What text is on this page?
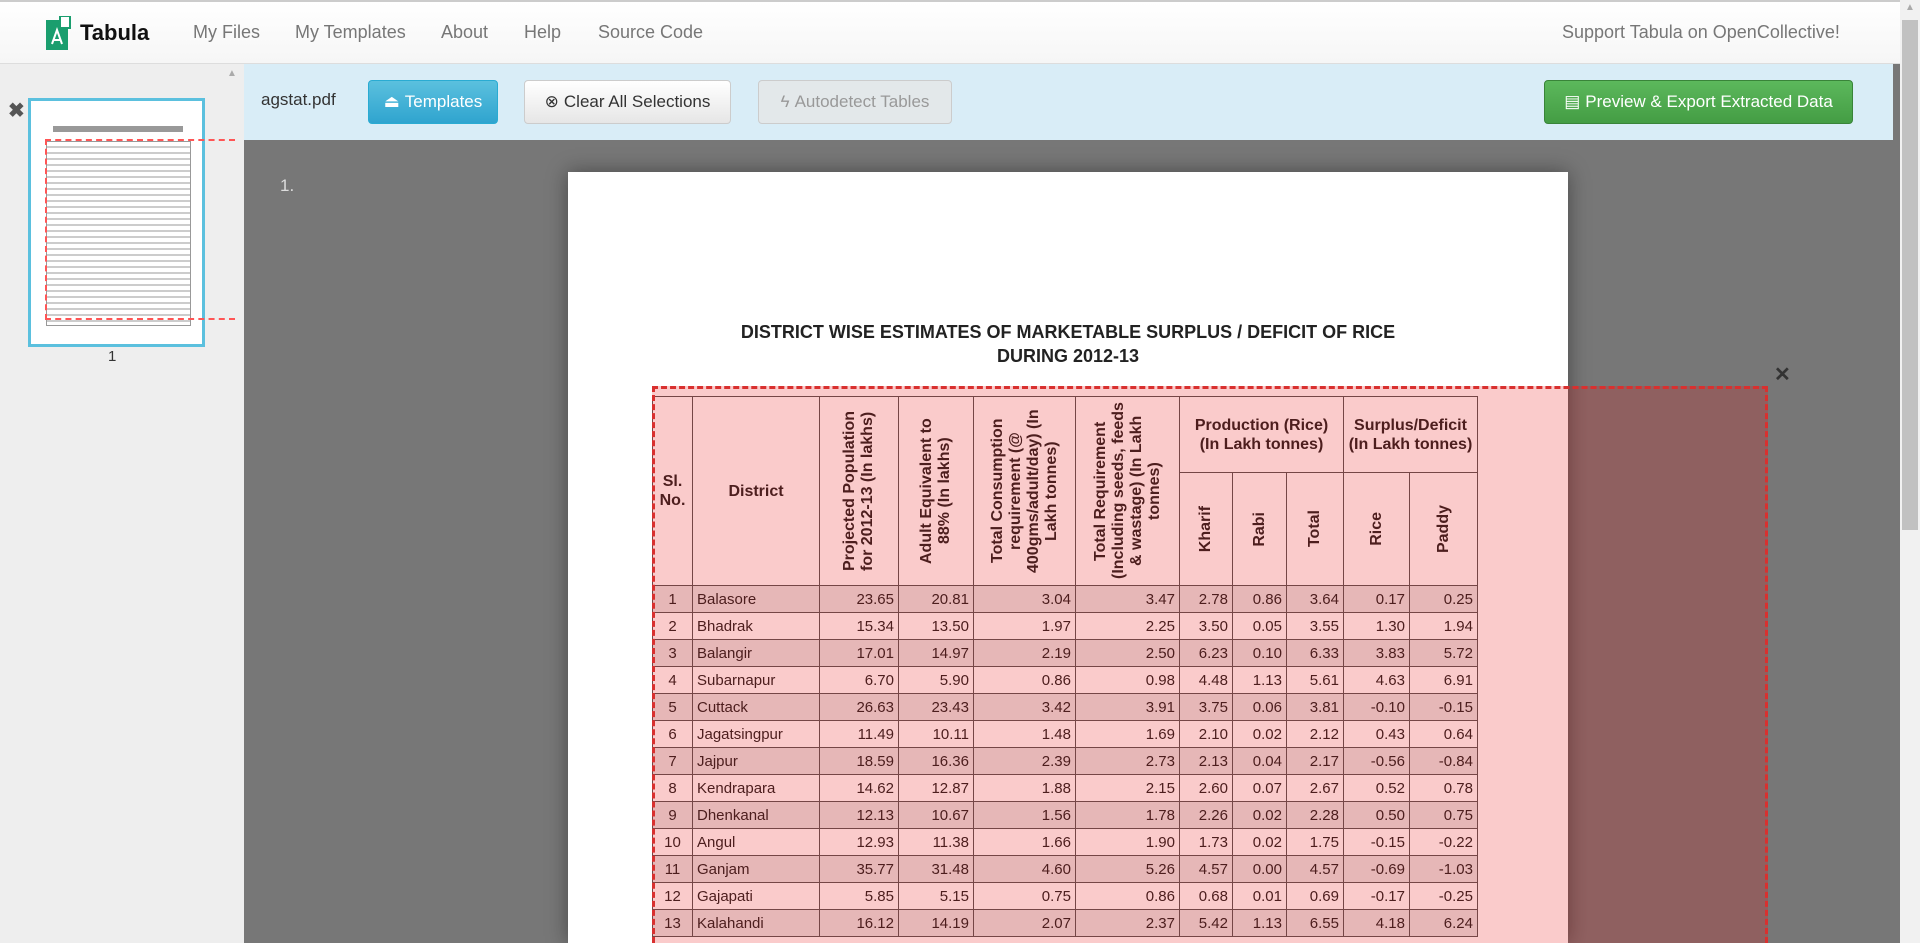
Tabula My Files My Templates About Help Source Code	Support Tabula on OpenCollective!
▲
✖
1
agstat.pdf	⏏ Templates	⊗ Clear All Selections	ϟ Autodetect Tables	▤ Preview & Export Extracted Data
1.
DISTRICT WISE ESTIMATES OF MARKETABLE SURPLUS / DEFICIT OF RICE
DURING 2012-13
Sl. No.	District	Projected Population for 2012-13 (In lakhs)	Adult Equivalent to 88% (In lakhs)	Total Consumption requirement (@ 400gms/adult/day) (In Lakh tonnes)	Total Requirement (Including seeds, feeds & wastage) (In Lakh tonnes)	Production (Rice) (In Lakh tonnes)			Surplus/Deficit (In Lakh tonnes)	

						Kharif	Rabi	Total	Rice	Paddy

1	Balasore	23.65	20.81	3.04	3.47	2.78	0.86	3.64	0.17	0.25
2	Bhadrak	15.34	13.50	1.97	2.25	3.50	0.05	3.55	1.30	1.94
3	Balangir	17.01	14.97	2.19	2.50	6.23	0.10	6.33	3.83	5.72
4	Subarnapur	6.70	5.90	0.86	0.98	4.48	1.13	5.61	4.63	6.91
5	Cuttack	26.63	23.43	3.42	3.91	3.75	0.06	3.81	-0.10	-0.15
6	Jagatsingpur	11.49	10.11	1.48	1.69	2.10	0.02	2.12	0.43	0.64
7	Jajpur	18.59	16.36	2.39	2.73	2.13	0.04	2.17	-0.56	-0.84
8	Kendrapara	14.62	12.87	1.88	2.15	2.60	0.07	2.67	0.52	0.78
9	Dhenkanal	12.13	10.67	1.56	1.78	2.26	0.02	2.28	0.50	0.75
10	Angul	12.93	11.38	1.66	1.90	1.73	0.02	1.75	-0.15	-0.22
11	Ganjam	35.77	31.48	4.60	5.26	4.57	0.00	4.57	-0.69	-1.03
12	Gajapati	5.85	5.15	0.75	0.86	0.68	0.01	0.69	-0.17	-0.25
13	Kalahandi	16.12	14.19	2.07	2.37	5.42	1.13	6.55	4.18	6.24
✕
▲
